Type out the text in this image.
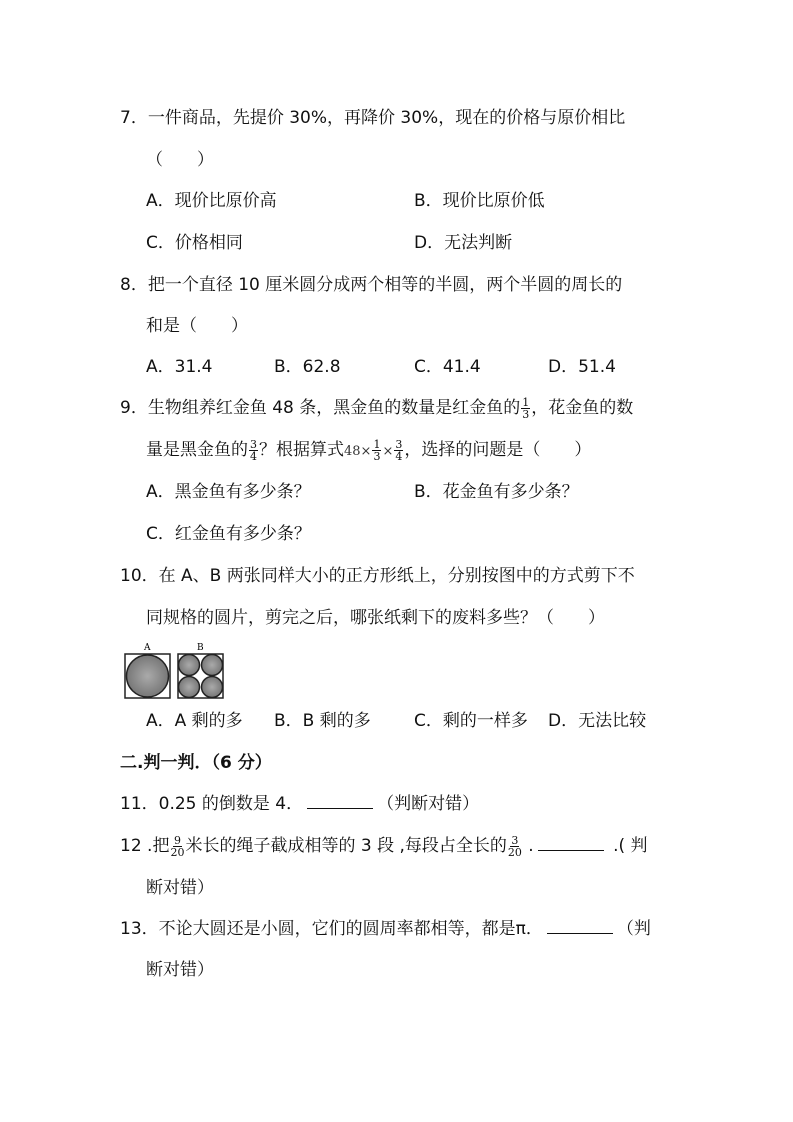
7．一件商品，先提价 30%，再降价 30%，现在的价格与原价相比
（　　）
A．现价比原价高	B．现价比原价低
C．价格相同	D．无法判断
8．把一个直径 10 厘米圆分成两个相等的半圆，两个半圆的周长的
和是（　　）
A．31.4	B．62.8	C．41.4	D．51.4
9．生物组养红金鱼 48 条，黑金鱼的数量是红金鱼的 $\frac{1}{3}$ ，花金鱼的数
量是黑金鱼的 $\frac{3}{4}$ ？根据算式$48\times \frac{1}{3} \times \frac{3}{4}$ ，选择的问题是（　　）
A．黑金鱼有多少条？	B．花金鱼有多少条？
C．红金鱼有多少条？
10．在 A、B 两张同样大小的正方形纸上，分别按图中的方式剪下不
同规格的圆片，剪完之后，哪张纸剩下的废料多些？（　　）
A	B
A．A 剩的多 B．B 剩的多	C．剩的一样多 D．无法比较
二.判一判．（6 分）
11．0.25 的倒数是 4．	（判断对错）
12 .把 $\frac{9}{20}$ 米长的绳子截成相等的 3 段 ,每段占全长的 $\frac{3}{20}$ .	.( 判
断对错）
13．不论大圆还是小圆，它们的圆周率都相等，都是π．	（判
断对错）
